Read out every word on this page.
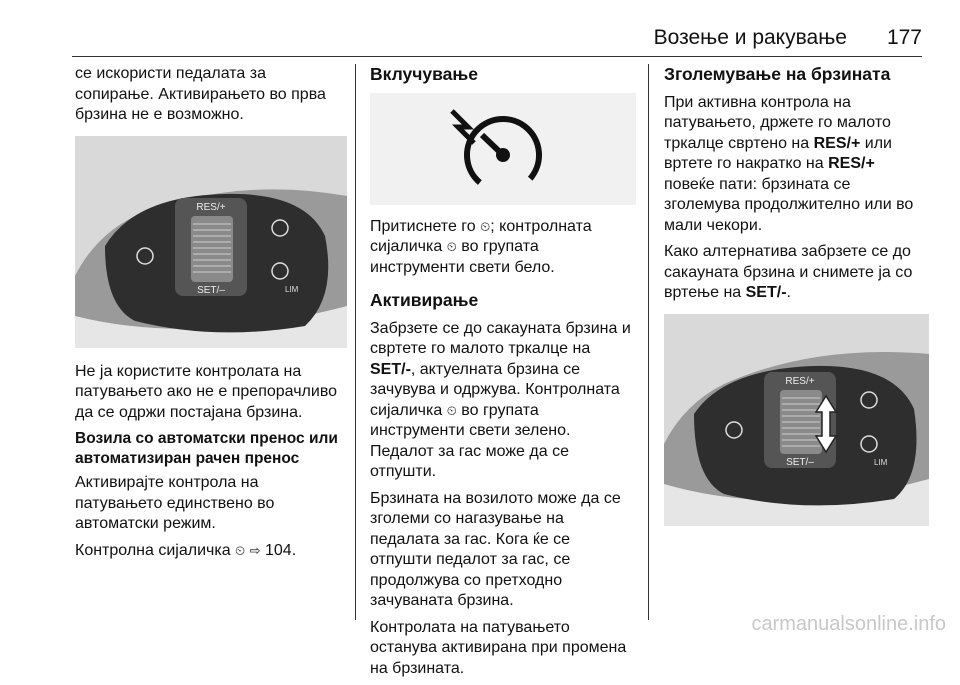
Возење и ракување 177

се искористи педалата за сопирање. Активирањето во прва брзина не е возможно.

RES/+
SET/–	LIM

Не ја користите контролата на патувањето ако не е препорачливо да се одржи постајана брзина.

Возила со автоматски пренос или автоматизиран рачен пренос

Активирајте контрола на патувањето единствено во автоматски режим.

Контролна сијаличка ⏲ ⇨ 104.

Вклучување

Притиснете го ⏲; контролната сијаличка ⏲ во групата инструменти свети бело.

Активирање

Забрзете се до сакаyната брзина и свртете го малото тркалце на SET/-, актуелната брзина се зачувува и одржува. Контролната сијаличка ⏲ во групата инструменти свети зелено.
Педалот за гас може да се отпушти.

Брзината на возилото може да се зголеми со нагазување на педалата за гас. Кога ќе се отпушти педалот за гас, се продолжува со претходно зачуваната брзина.

Контролата на патувањето останува активирана при промена на брзината.

Зголемување на брзината

При активна контрола на патувањето, држете го малото тркалце свртено на RES/+ или вртете го накратко на RES/+ повеќе пати: брзината се зголемува продолжително или во мали чекори.

Како алтернатива забрзете се до сакаyната брзина и снимете ја со вртење на SET/-.

RES/+
SET/–	LIM
carmanualsonline.info
